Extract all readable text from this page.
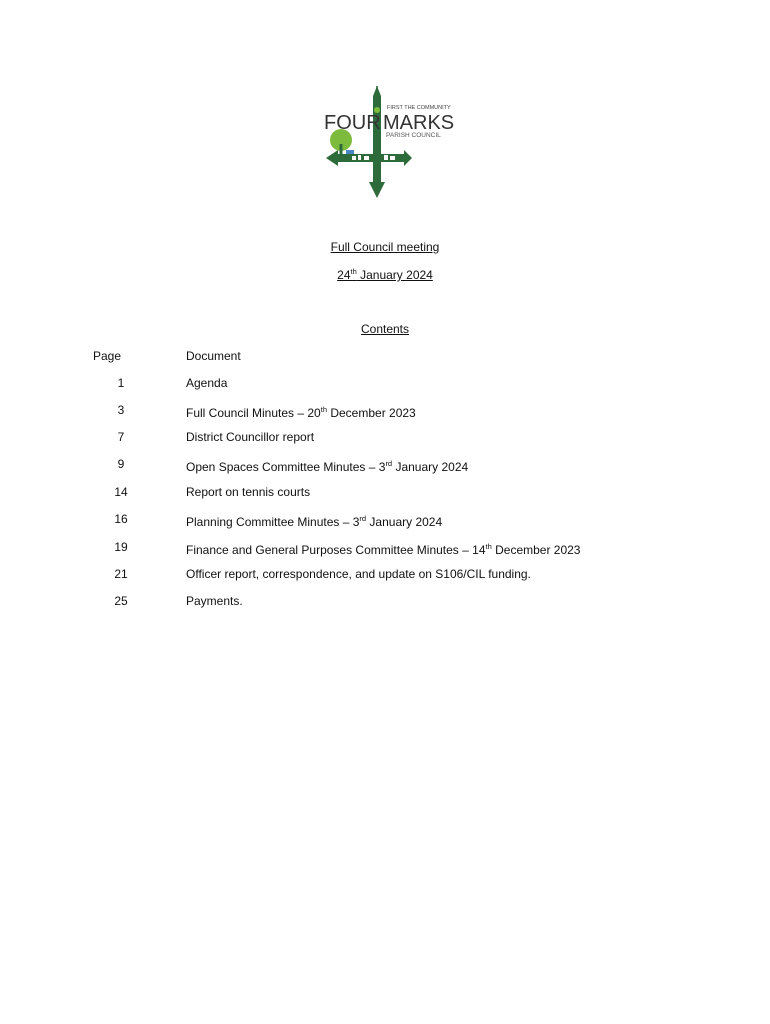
FIRST THE COMMUNITY
FOUR MARKS
PARISH COUNCIL
Full Council meeting
24th January 2024
Contents
Page	Document
1	Agenda
3	Full Council Minutes – 20th December 2023
7	District Councillor report
9	Open Spaces Committee Minutes – 3rd January 2024
14	Report on tennis courts
16	Planning Committee Minutes – 3rd January 2024
19	Finance and General Purposes Committee Minutes – 14th December 2023
21	Officer report, correspondence, and update on S106/CIL funding.
25	Payments.
